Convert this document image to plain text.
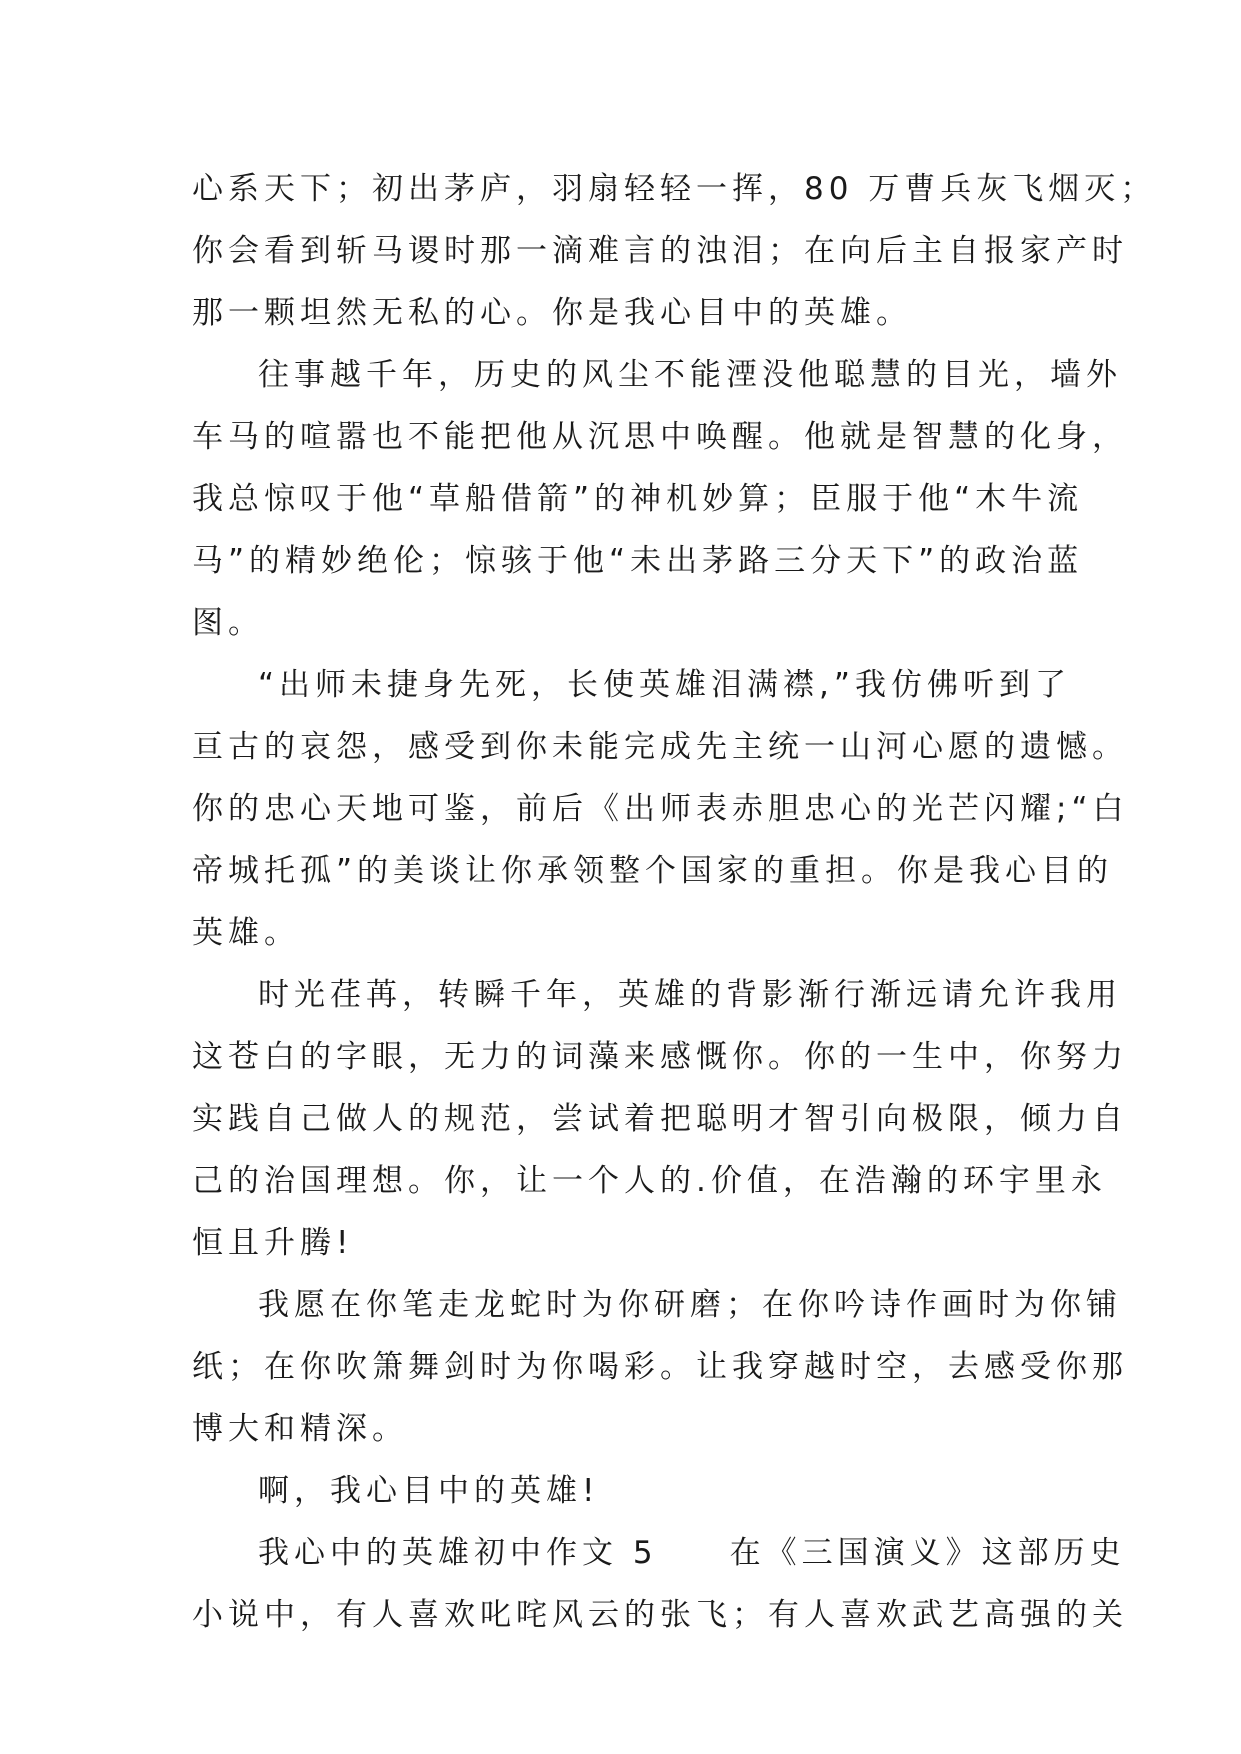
心系天下；初出茅庐，羽扇轻轻一挥，80 万曹兵灰飞烟灭；
你会看到斩马谡时那一滴难言的浊泪；在向后主自报家产时
那一颗坦然无私的心。你是我心目中的英雄。
往事越千年，历史的风尘不能湮没他聪慧的目光，墙外
车马的喧嚣也不能把他从沉思中唤醒。他就是智慧的化身，
我总惊叹于他“草船借箭”的神机妙算；臣服于他“木牛流
马”的精妙绝伦；惊骇于他“未出茅路三分天下”的政治蓝
图。
“出师未捷身先死，长使英雄泪满襟,”我仿佛听到了
亘古的哀怨，感受到你未能完成先主统一山河心愿的遗憾。
你的忠心天地可鉴，前后《出师表赤胆忠心的光芒闪耀;“白
帝城托孤”的美谈让你承领整个国家的重担。你是我心目的
英雄。
时光荏苒，转瞬千年，英雄的背影渐行渐远请允许我用
这苍白的字眼，无力的词藻来感慨你。你的一生中，你努力
实践自己做人的规范，尝试着把聪明才智引向极限，倾力自
己的治国理想。你，让一个人的.价值，在浩瀚的环宇里永
恒且升腾!
我愿在你笔走龙蛇时为你研磨；在你吟诗作画时为你铺
纸；在你吹箫舞剑时为你喝彩。让我穿越时空，去感受你那
博大和精深。
啊，我心目中的英雄!
我心中的英雄初中作文 5　　在《三国演义》这部历史
小说中，有人喜欢叱咤风云的张飞；有人喜欢武艺高强的关
